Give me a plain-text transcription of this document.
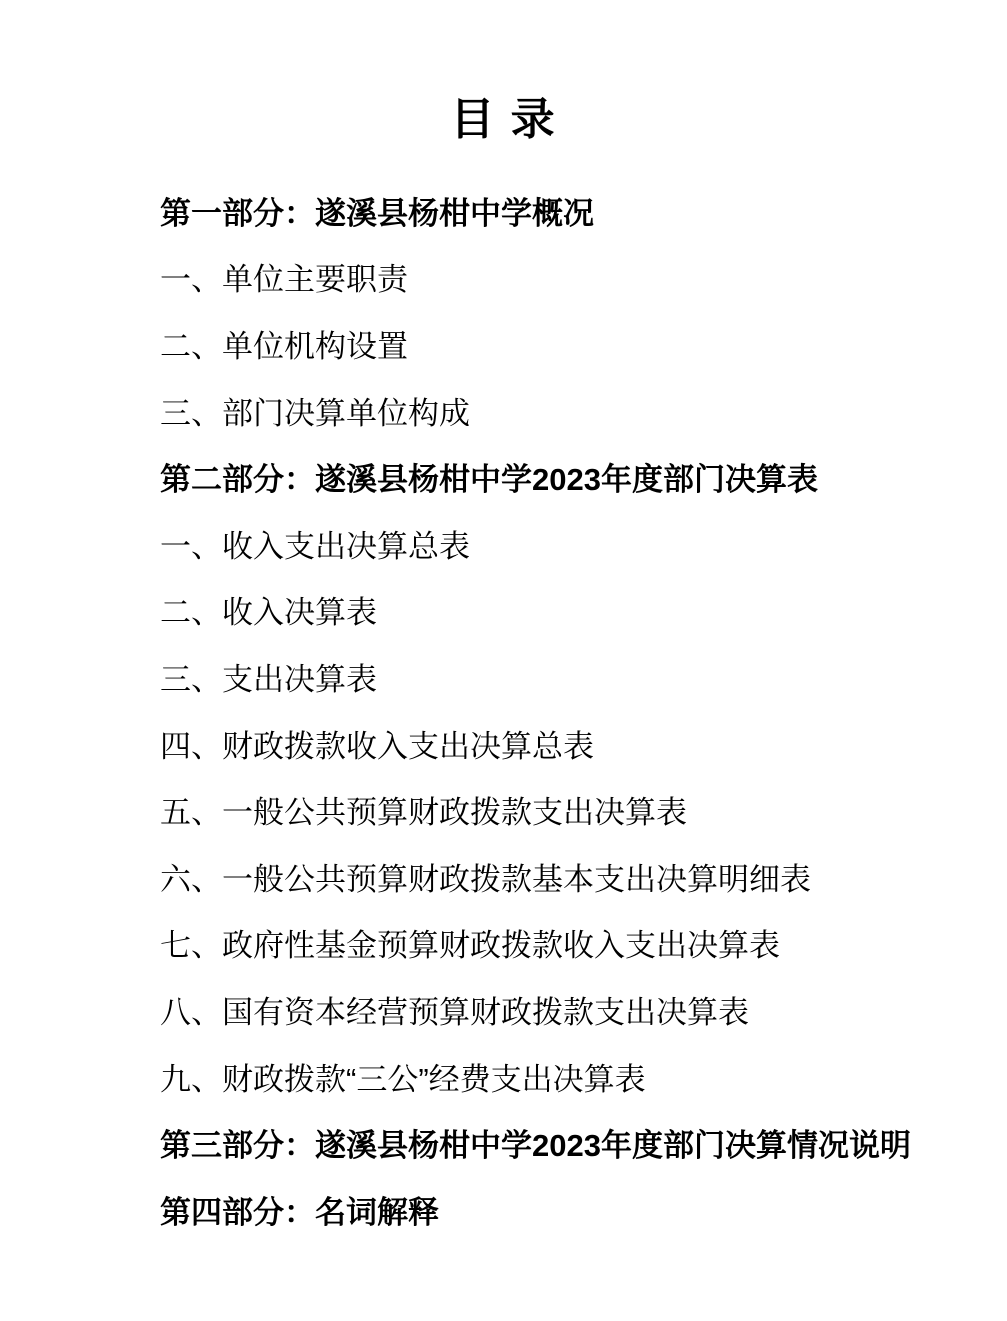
目 录
第一部分：遂溪县杨柑中学概况
一、单位主要职责
二、单位机构设置
三、部门决算单位构成
第二部分：遂溪县杨柑中学2023年度部门决算表
一、收入支出决算总表
二、收入决算表
三、支出决算表
四、财政拨款收入支出决算总表
五、一般公共预算财政拨款支出决算表
六、一般公共预算财政拨款基本支出决算明细表
七、政府性基金预算财政拨款收入支出决算表
八、国有资本经营预算财政拨款支出决算表
九、财政拨款“三公”经费支出决算表
第三部分：遂溪县杨柑中学2023年度部门决算情况说明
第四部分：名词解释
